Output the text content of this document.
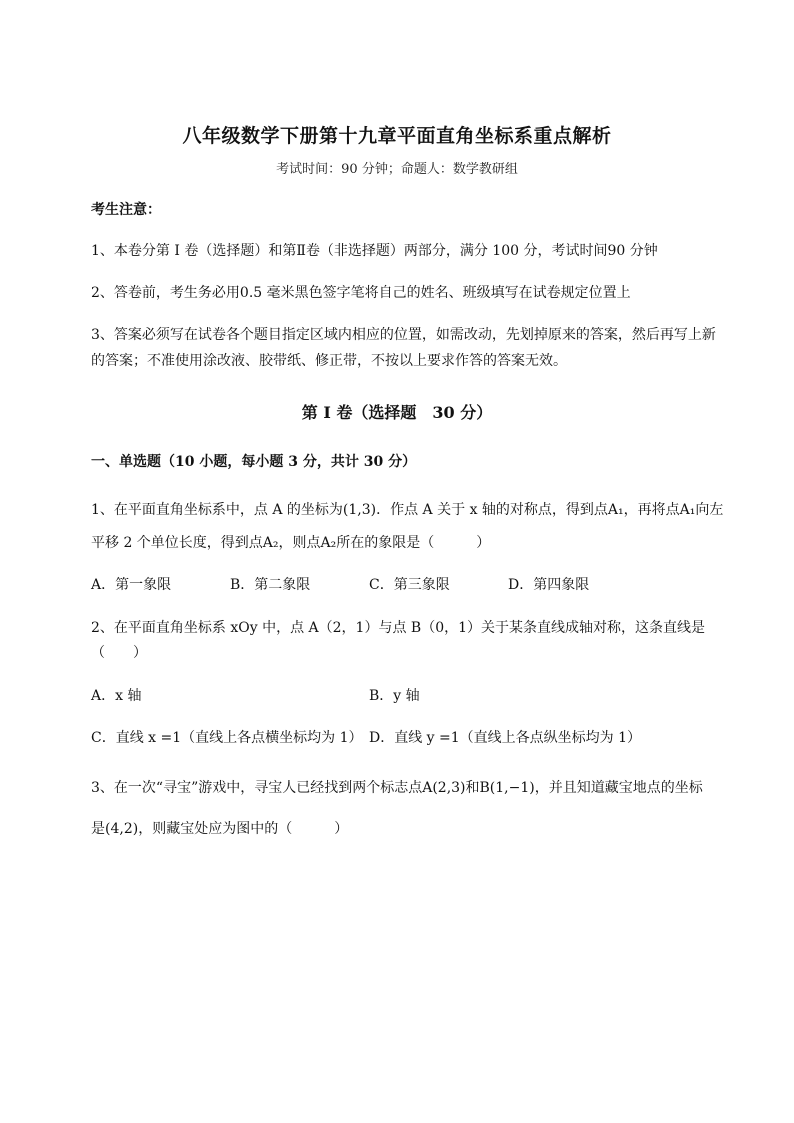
八年级数学下册第十九章平面直角坐标系重点解析
考试时间：90 分钟；命题人：数学教研组
考生注意：
1、本卷分第 I 卷（选择题）和第Ⅱ卷（非选择题）两部分，满分 100 分，考试时间90 分钟
2、答卷前，考生务必用0.5 毫米黑色签字笔将自己的姓名、班级填写在试卷规定位置上
3、答案必须写在试卷各个题目指定区域内相应的位置，如需改动，先划掉原来的答案，然后再写上新
的答案；不准使用涂改液、胶带纸、修正带，不按以上要求作答的答案无效。
第 I 卷（选择题　30 分）
一、单选题（10 小题，每小题 3 分，共计 30 分）
1、在平面直角坐标系中，点 A 的坐标为(1,3)．作点 A 关于 x 轴的对称点，得到点A₁，再将点A₁向左
平移 2 个单位长度，得到点A₂，则点A₂所在的象限是（　　　）
A．第一象限	B．第二象限	C．第三象限	D．第四象限
2、在平面直角坐标系 xOy 中，点 A（2，1）与点 B（0，1）关于某条直线成轴对称，这条直线是
（　　）
A．x 轴	B．y 轴
C．直线 x =1（直线上各点横坐标均为 1） D．直线 y =1（直线上各点纵坐标均为 1）
3、在一次“寻宝”游戏中，寻宝人已经找到两个标志点A(2,3)和B(1,−1)，并且知道藏宝地点的坐标
是(4,2)，则藏宝处应为图中的（　　　）
